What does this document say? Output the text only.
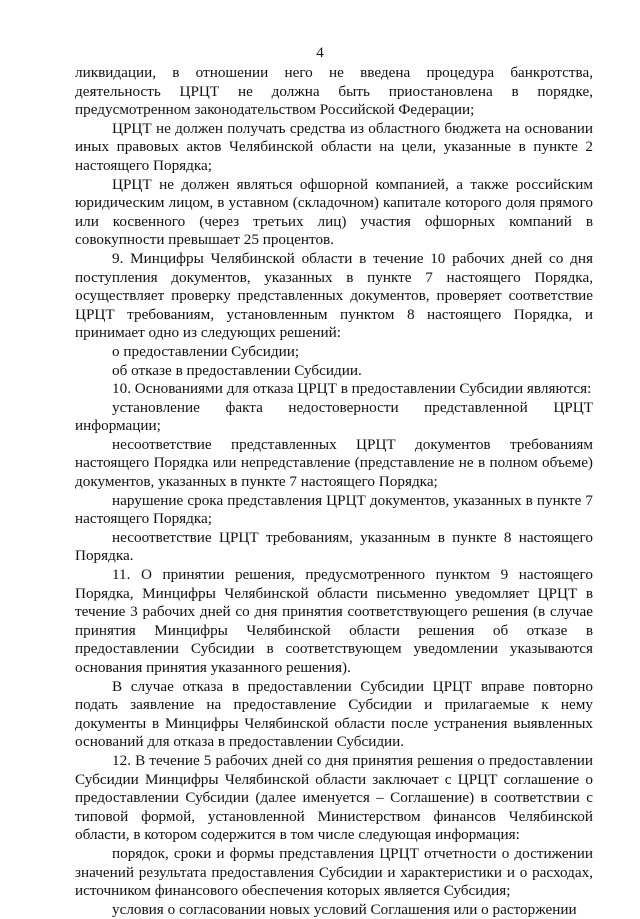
4

ликвидации, в отношении него не введена процедура банкротства, деятельность ЦРЦТ не должна быть приостановлена в порядке, предусмотренном законодательством Российской Федерации;

ЦРЦТ не должен получать средства из областного бюджета на основании иных правовых актов Челябинской области на цели, указанные в пункте 2 настоящего Порядка;

ЦРЦТ не должен являться офшорной компанией, а также российским юридическим лицом, в уставном (складочном) капитале которого доля прямого или косвенного (через третьих лиц) участия офшорных компаний в совокупности превышает 25 процентов.

9. Минцифры Челябинской области в течение 10 рабочих дней со дня поступления документов, указанных в пункте 7 настоящего Порядка, осуществляет проверку представленных документов, проверяет соответствие ЦРЦТ требованиям, установленным пунктом 8 настоящего Порядка, и принимает одно из следующих решений:

о предоставлении Субсидии;

об отказе в предоставлении Субсидии.

10. Основаниями для отказа ЦРЦТ в предоставлении Субсидии являются:

установление факта недостоверности представленной ЦРЦТ информации;

несоответствие представленных ЦРЦТ документов требованиям настоящего Порядка или непредставление (представление не в полном объеме) документов, указанных в пункте 7 настоящего Порядка;

нарушение срока представления ЦРЦТ документов, указанных в пункте 7 настоящего Порядка;

несоответствие ЦРЦТ требованиям, указанным в пункте 8 настоящего Порядка.

11. О принятии решения, предусмотренного пунктом 9 настоящего Порядка, Минцифры Челябинской области письменно уведомляет ЦРЦТ в течение 3 рабочих дней со дня принятия соответствующего решения (в случае принятия Минцифры Челябинской области решения об отказе в предоставлении Субсидии в соответствующем уведомлении указываются основания принятия указанного решения).

В случае отказа в предоставлении Субсидии ЦРЦТ вправе повторно подать заявление на предоставление Субсидии и прилагаемые к нему документы в Минцифры Челябинской области после устранения выявленных оснований для отказа в предоставлении Субсидии.

12. В течение 5 рабочих дней со дня принятия решения о предоставлении Субсидии Минцифры Челябинской области заключает с ЦРЦТ соглашение о предоставлении Субсидии (далее именуется – Соглашение) в соответствии с типовой формой, установленной Министерством финансов Челябинской области, в котором содержится в том числе следующая информация:

порядок, сроки и формы представления ЦРЦТ отчетности о достижении значений результата предоставления Субсидии и характеристики и о расходах, источником финансового обеспечения которых является Субсидия;

условия о согласовании новых условий Соглашения или о расторжении
